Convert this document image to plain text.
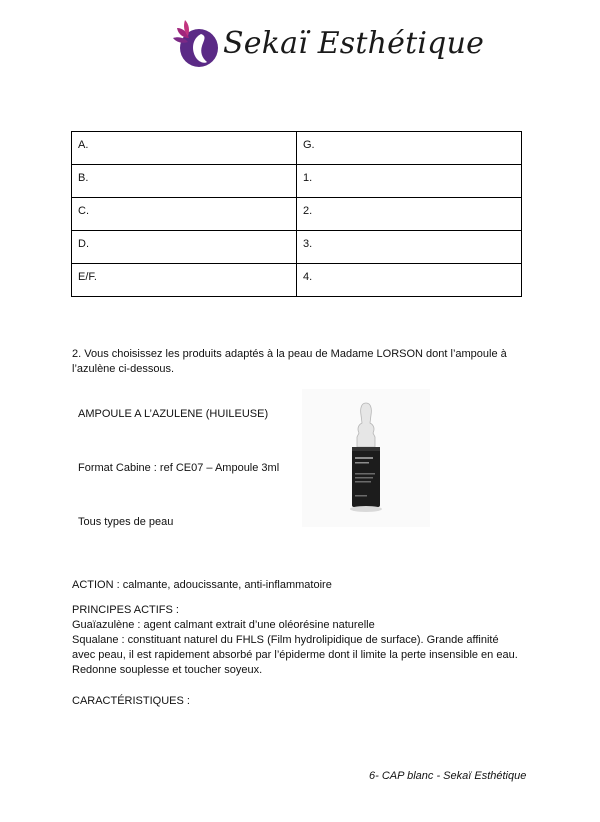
Sekaï Esthétique
A.	G.
B.	1.
C.	2.
D.	3.
E/F.	4.
2. Vous choisissez les produits adaptés à la peau de Madame LORSON dont l’ampoule à
l’azulène ci-dessous.
AMPOULE A L’AZULENE (HUILEUSE)
Format Cabine : ref CE07 – Ampoule 3ml
Tous types de peau
ACTION : calmante, adoucissante, anti-inflammatoire
PRINCIPES ACTIFS :
Guaïazulène : agent calmant extrait d’une oléorésine naturelle
Squalane : constituant naturel du FHLS (Film hydrolipidique de surface). Grande affinité
avec peau, il est rapidement absorbé par l’épiderme dont il limite la perte insensible en eau.
Redonne souplesse et toucher soyeux.
CARACTÉRISTIQUES :
6- CAP blanc - Sekaï Esthétique
